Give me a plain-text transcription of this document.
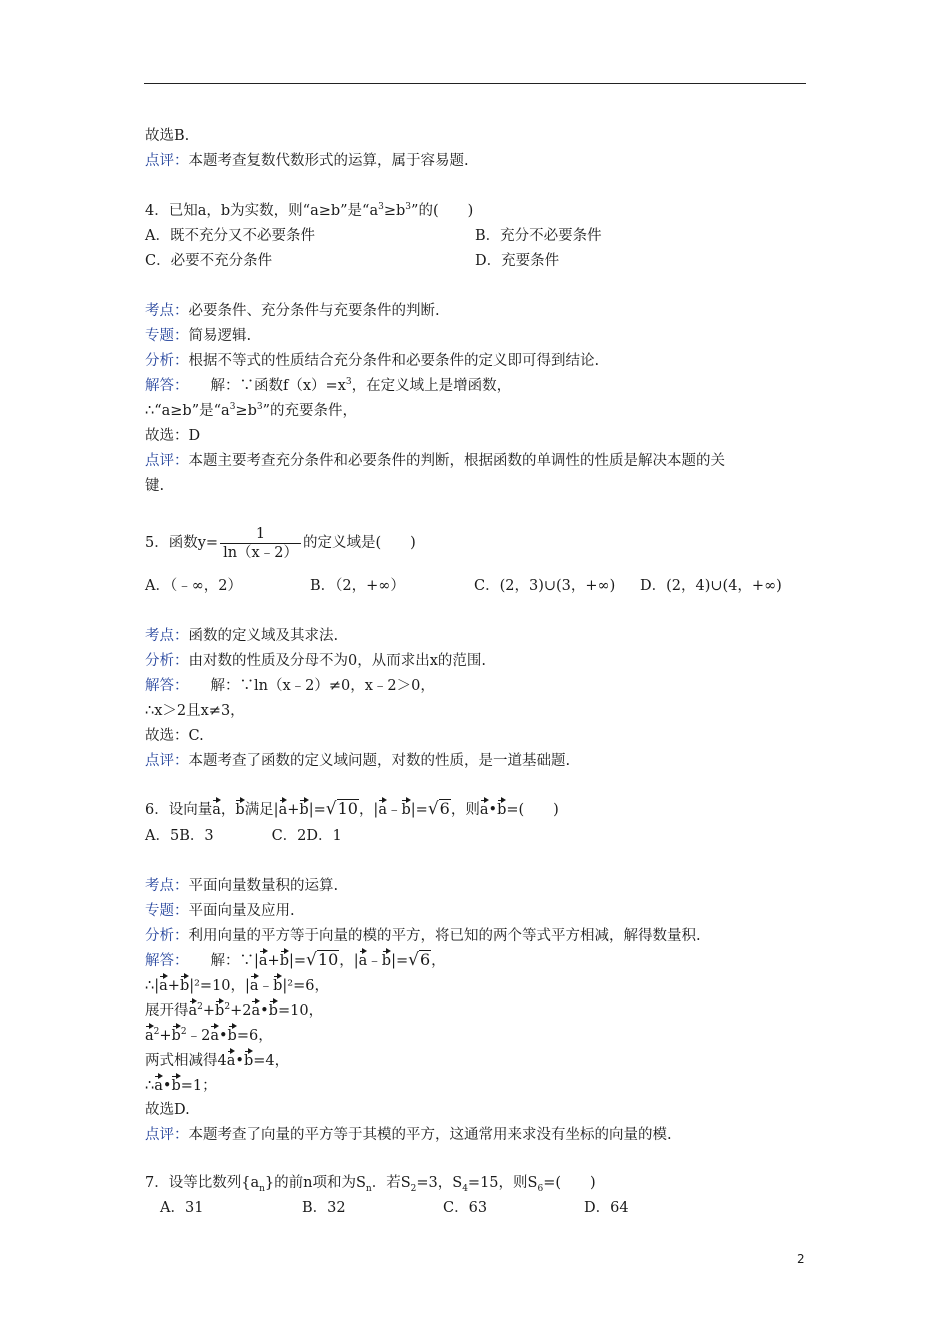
故选B.
点评：本题考查复数代数形式的运算，属于容易题.
4．已知a，b为实数，则“a≥b”是“$a^3\ge b^3$”的(　　)
A．既不充分又不必要条件	B．充分不必要条件
C．必要不充分条件	D．充要条件
考点：必要条件、充分条件与充要条件的判断.
专题：简易逻辑.
分析：根据不等式的性质结合充分条件和必要条件的定义即可得到结论.
解答： 解：∵函数$f(x)=x^3$，在定义域上是增函数，
∴“a≥b”是“$a^3\ge b^3$”的充要条件，
故选：D
点评：本题主要考查充分条件和必要条件的判断，根据函数的单调性的性质是解决本题的关
键.
5．函数$y= \frac{1}{\ln(x﹣2)}$ 的定义域是(　　)
A．（﹣∞，2）	B．（2，+∞）	C．(2，3)∪(3，+∞) D．(2，4)∪(4，+∞)
考点：函数的定义域及其求法.
分析：由对数的性质及分母不为0，从而求出x的范围.
解答： 解：∵ln（x﹣2）≠0，x﹣2＞0，
∴x＞2且x≠3，
故选：C.
点评：本题考查了函数的定义域问题，对数的性质，是一道基础题.
6．设向量a，b满足|a+b|=√10，|a﹣b|=√6，则a•b=(　　)
A．5B．3　　　　C．2D．1
考点：平面向量数量积的运算.
专题：平面向量及应用.
分析：利用向量的平方等于向量的模的平方，将已知的两个等式平方相减，解得数量积.
解答： 解：∵|a+b|=√10，|a﹣b|=√6，
∴|a+b|²=10，|a﹣b|²=6，
展开得$a^2+b^2+2a•b=10$，
$a^2+b^2﹣2a•b=6$，
两式相减得4a•b=4，
∴a•b=1；
故选D.
点评：本题考查了向量的平方等于其模的平方，这通常用来求没有坐标的向量的模.
7．设等比数列$\{a_n\}$的前n项和为$S_n$．若$S_2=3$，$S_4=15$，则$S_6=$(　　)
A．31	B．32	C．63	D．64
2
